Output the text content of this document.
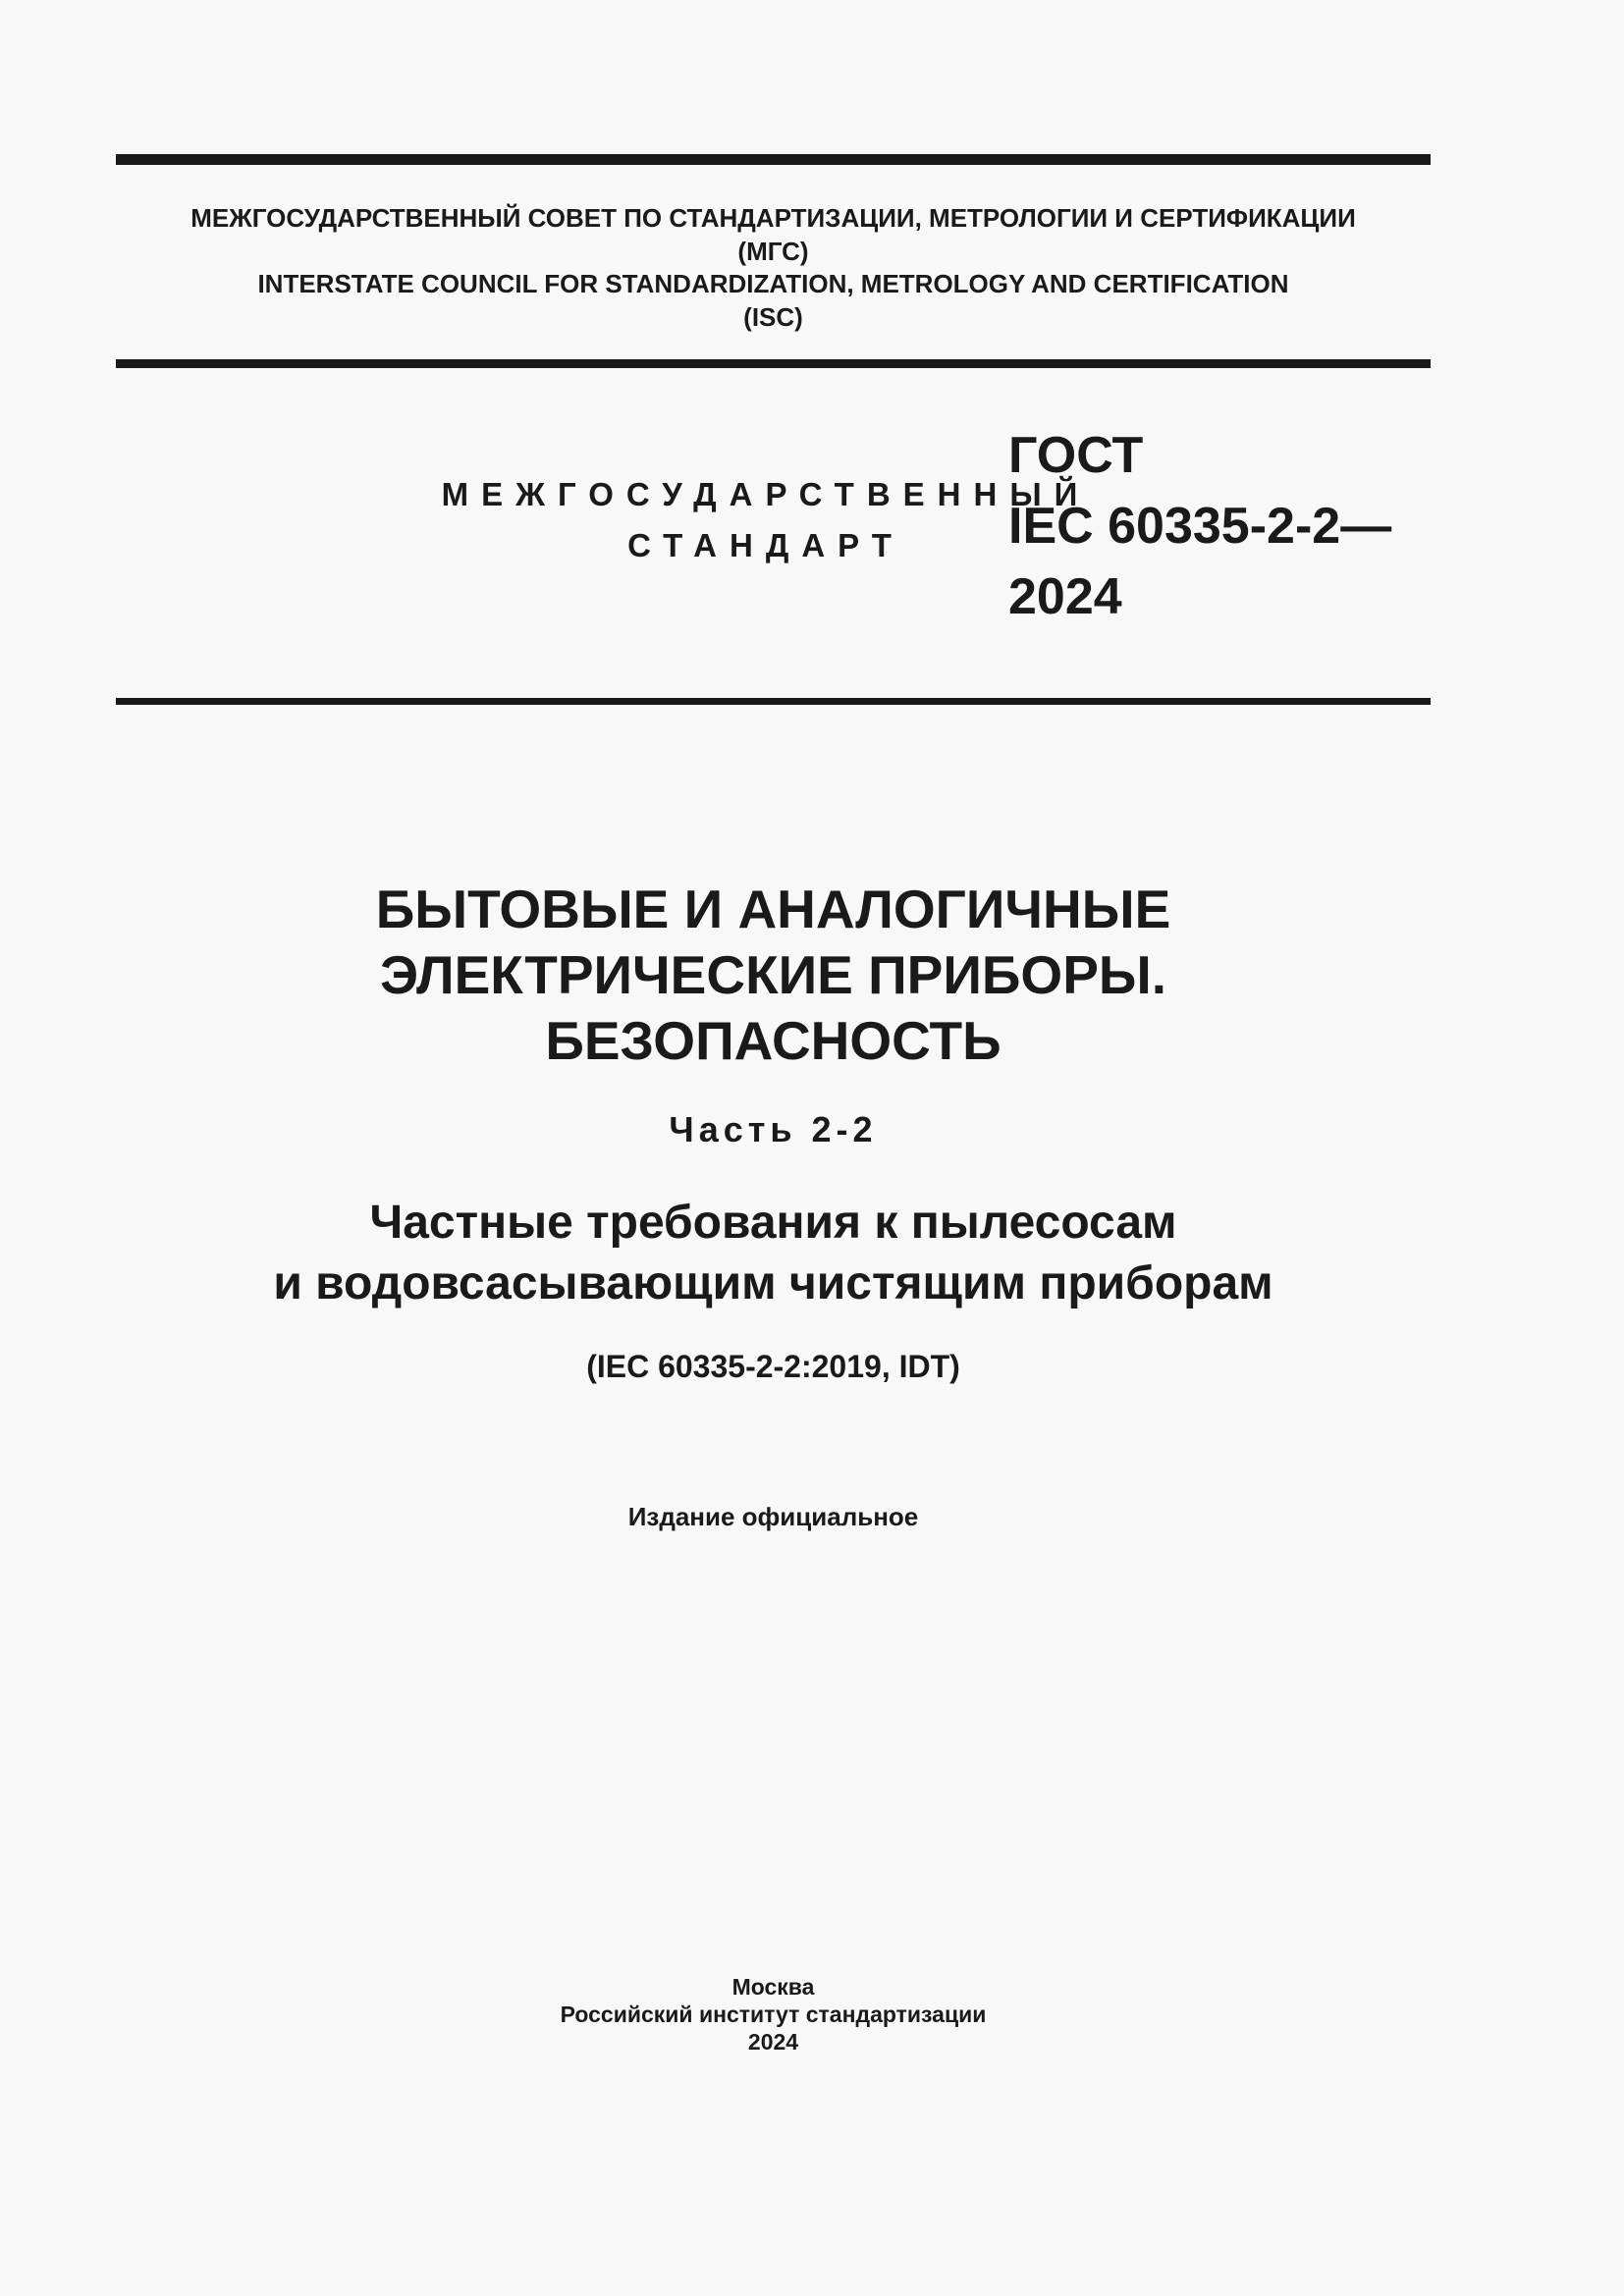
МЕЖГОСУДАРСТВЕННЫЙ СОВЕТ ПО СТАНДАРТИЗАЦИИ, МЕТРОЛОГИИ И СЕРТИФИКАЦИИ
(МГС)
INTERSTATE COUNCIL FOR STANDARDIZATION, METROLOGY AND CERTIFICATION
(ISC)
МЕЖГОСУДАРСТВЕННЫЙ
СТАНДАРТ
ГОСТ
IEC 60335-2-2—
2024
БЫТОВЫЕ И АНАЛОГИЧНЫЕ
ЭЛЕКТРИЧЕСКИЕ ПРИБОРЫ.
БЕЗОПАСНОСТЬ
Часть 2-2
Частные требования к пылесосам
и водовсасывающим чистящим приборам
(IEC 60335-2-2:2019, IDT)
Издание официальное
Москва
Российский институт стандартизации
2024
